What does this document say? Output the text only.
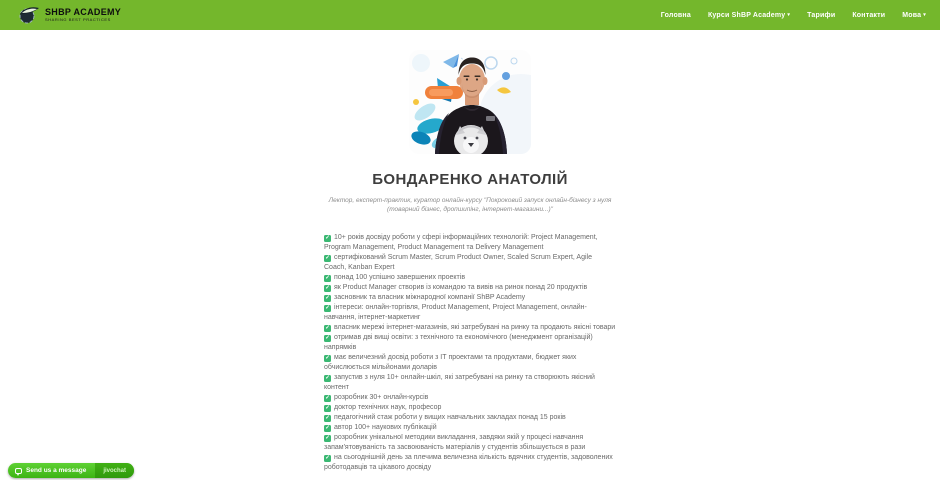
SHBP ACADEMY
SHARING BEST PRACTICES
Головна Курси ShBP Academy ▾ Тарифи Контакти Мова ▾
БОНДАРЕНКО АНАТОЛІЙ

Лектор, експерт-практик, куратор онлайн-курсу "Покроковий запуск онлайн-бізнесу з нуля (товарний бізнес, дропшипінг, інтернет-магазини...)"

✓ 10+ років досвіду роботи у сфері інформаційних технологій: Project Management, Program Management, Product Management та Delivery Management
✓ сертифікований Scrum Master, Scrum Product Owner, Scaled Scrum Expert, Agile Coach, Kanban Expert
✓ понад 100 успішно завершених проектів
✓ як Product Manager створив із командою та вивів на ринок понад 20 продуктів
✓ засновник та власник міжнародної компанії ShBP Academy
✓ інтереси: онлайн-торгівля, Product Management, Project Management, онлайн-навчання, інтернет-маркетинг
✓ власник мережі інтернет-магазинів, які затребувані на ринку та продають якісні товари
✓ отримав дві вищі освіти: з технічного та економічного (менеджмент організацій) напрямків
✓ має величезний досвід роботи з ІТ проектами та продуктами, бюджет яких обчислюється мільйонами доларів
✓ запустив з нуля 10+ онлайн-шкіл, які затребувані на ринку та створюють якісний контент
✓ розробник 30+ онлайн-курсів
✓ доктор технічних наук, професор
✓ педагогічний стаж роботи у вищих навчальних закладах понад 15 років
✓ автор 100+ наукових публікацій
✓ розробник унікальної методики викладання, завдяки якій у процесі навчання запам'ятовуваність та засвоюваність матеріалів у студентів збільшується в рази
✓ на сьогоднішній день за плечима величезна кількість вдячних студентів, задоволених роботодавців та цікавого досвіду
Send us a message	jivochat
